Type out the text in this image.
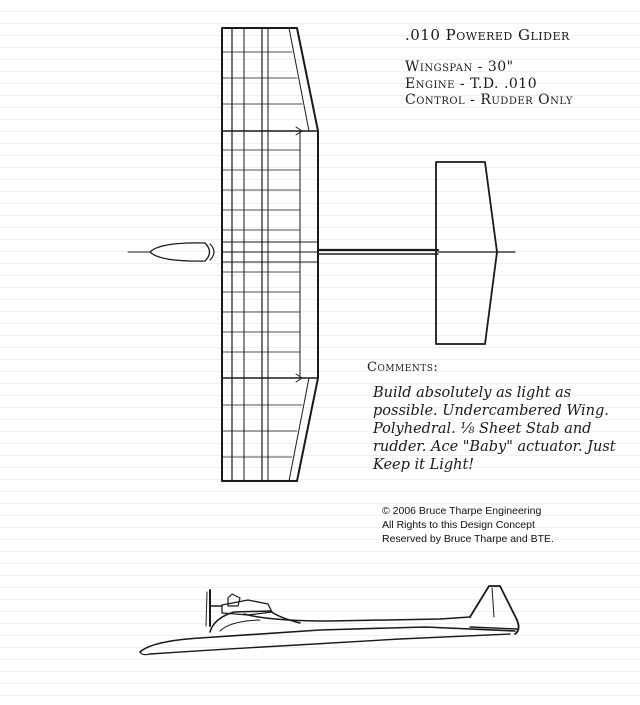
.010 Powered Glider
Wingspan - 30"
Engine - T.D. .010
Control - Rudder Only
Comments:
Build absolutely as light as possible. Undercambered Wing. Polyhedral. ⅛ Sheet Stab and rudder. Ace "Baby" actuator. Just Keep it Light!
© 2006 Bruce Tharpe Engineering
All Rights to this Design Concept
Reserved by Bruce Tharpe and BTE.
